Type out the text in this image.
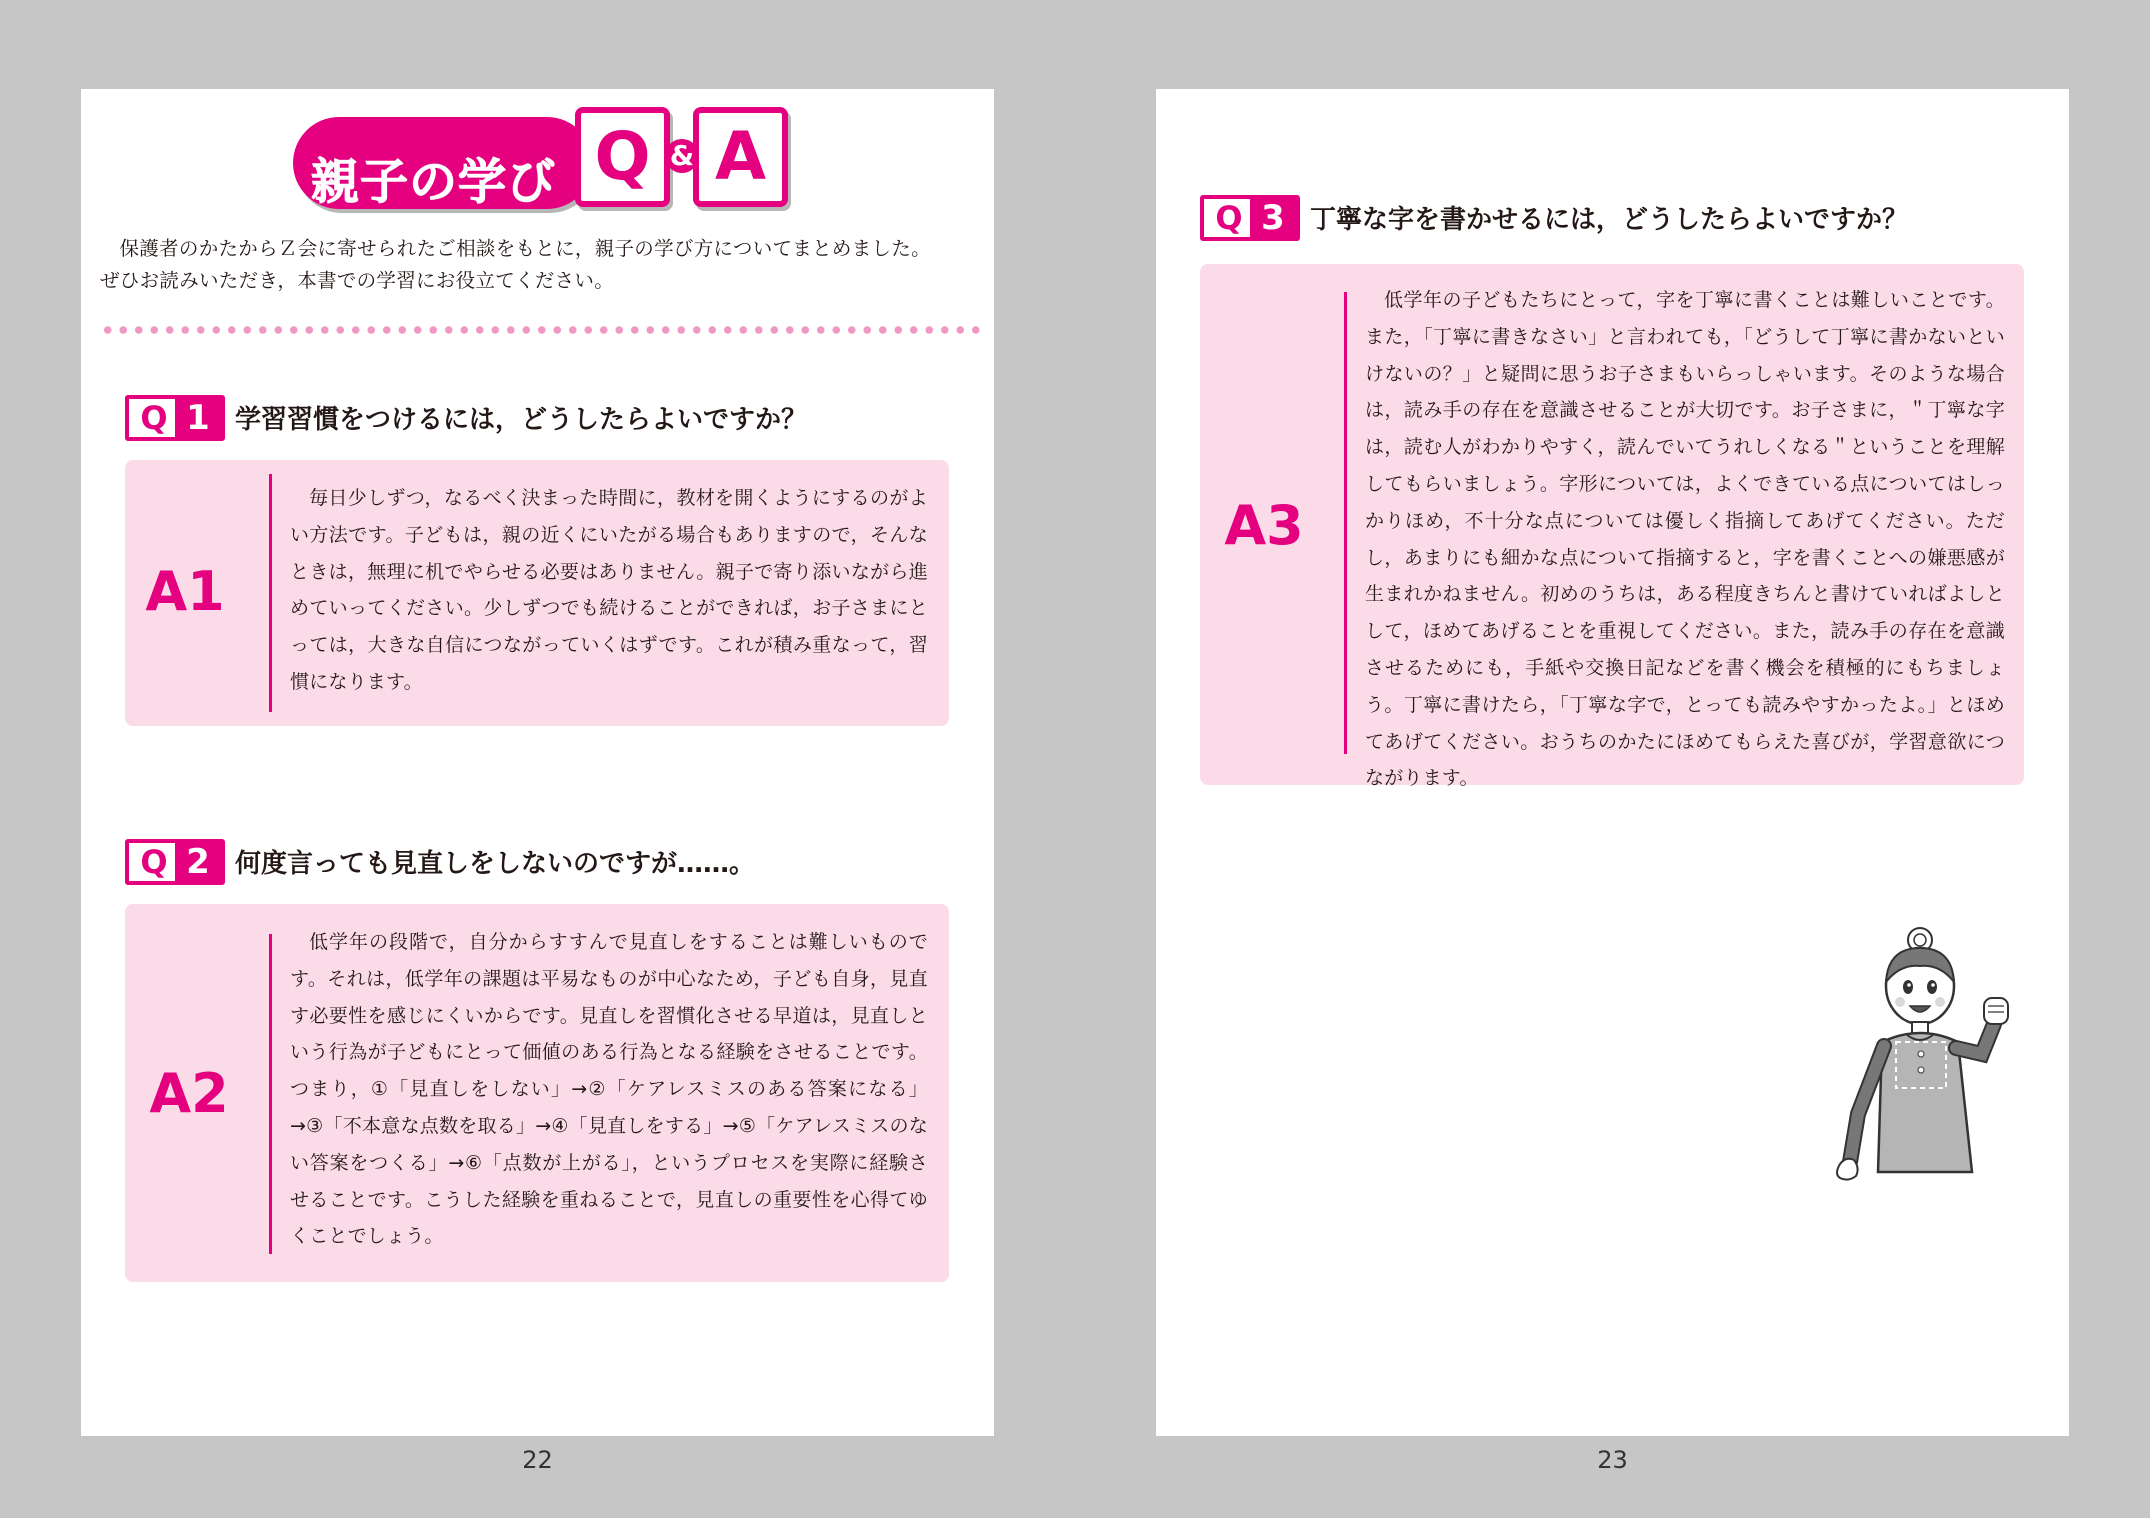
親子の学び Q & A

保護者のかたからＺ会に寄せられたご相談をもとに，親子の学び方についてまとめました。

ぜひお読みいただき，本書での学習にお役立てください。

Q 1 学習習慣をつけるには，どうしたらよいですか？
A1

毎日少しずつ，なるべく決まった時間に，教材を開くようにするのがよい方法です。子どもは，親の近くにいたがる場合もありますので，そんなときは，無理に机でやらせる必要はありません。親子で寄り添いながら進めていってください。少しずつでも続けることができれば，お子さまにとっては，大きな自信につながっていくはずです。これが積み重なって，習慣になります。

Q 2 何度言っても見直しをしないのですが……。
A2

低学年の段階で，自分からすすんで見直しをすることは難しいものです。それは，低学年の課題は平易なものが中心なため，子ども自身，見直す必要性を感じにくいからです。見直しを習慣化させる早道は，見直しという行為が子どもにとって価値のある行為となる経験をさせることです。つまり，①「見直しをしない」→②「ケアレスミスのある答案になる」→③「不本意な点数を取る」→④「見直しをする」→⑤「ケアレスミスのない答案をつくる」→⑥「点数が上がる」，というプロセスを実際に経験させることです。こうした経験を重ねることで，見直しの重要性を心得てゆくことでしょう。

22
Q 3 丁寧な字を書かせるには，どうしたらよいですか？
A3

低学年の子どもたちにとって，字を丁寧に書くことは難しいことです。また，「丁寧に書きなさい」と言われても，「どうして丁寧に書かないといけないの？」と疑問に思うお子さまもいらっしゃいます。そのような場合は，読み手の存在を意識させることが大切です。お子さまに，＂丁寧な字は，読む人がわかりやすく，読んでいてうれしくなる＂ということを理解してもらいましょう。字形については，よくできている点についてはしっかりほめ，不十分な点については優しく指摘してあげてください。ただし，あまりにも細かな点について指摘すると，字を書くことへの嫌悪感が生まれかねません。初めのうちは，ある程度きちんと書けていればよしとして，ほめてあげることを重視してください。また，読み手の存在を意識させるためにも，手紙や交換日記などを書く機会を積極的にもちましょう。丁寧に書けたら，「丁寧な字で，とっても読みやすかったよ。」とほめてあげてください。おうちのかたにほめてもらえた喜びが，学習意欲につながります。

23
